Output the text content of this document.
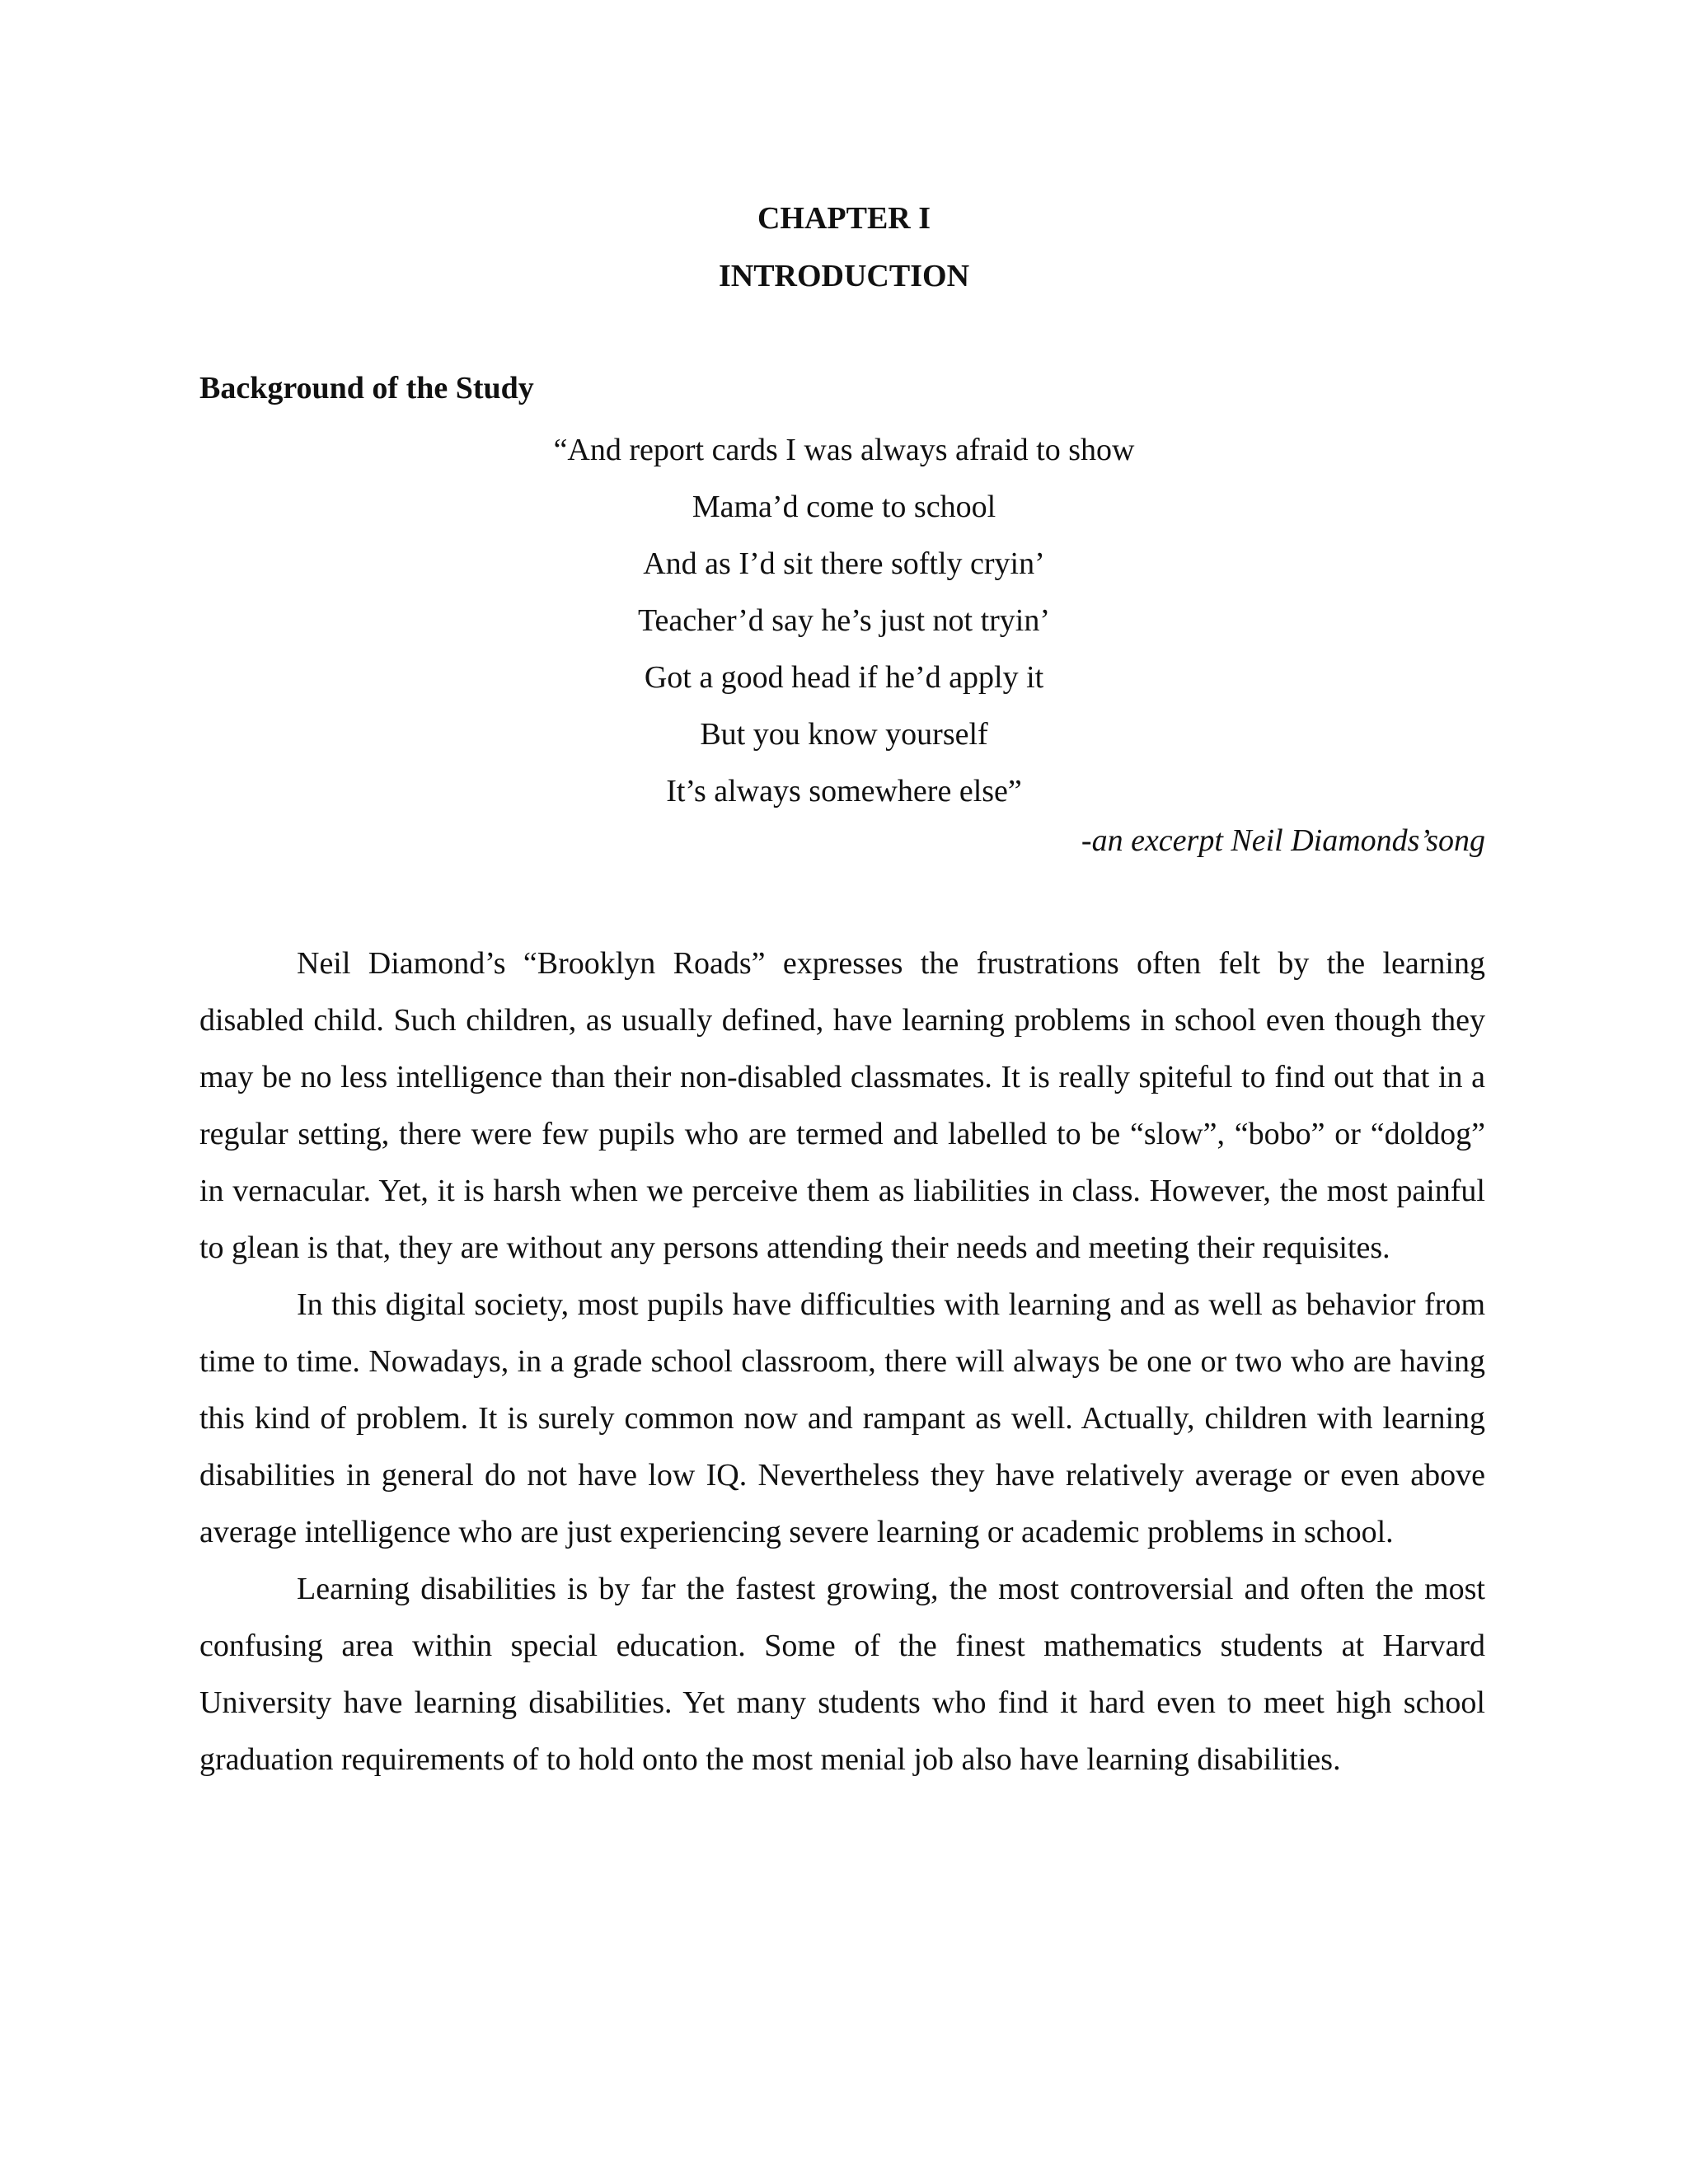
CHAPTER I
INTRODUCTION
Background of the Study
“And report cards I was always afraid to show
Mama’d come to school
And as I’d sit there softly cryin’
Teacher’d say he’s just not tryin’
Got a good head if he’d apply it
But you know yourself
It’s always somewhere else”
-an excerpt Neil Diamonds’song

Neil Diamond’s “Brooklyn Roads” expresses the frustrations often felt by the learning disabled child. Such children, as usually defined, have learning problems in school even though they may be no less intelligence than their non-disabled classmates. It is really spiteful to find out that in a regular setting, there were few pupils who are termed and labelled to be “slow”, “bobo” or “doldog” in vernacular. Yet, it is harsh when we perceive them as liabilities in class. However, the most painful to glean is that, they are without any persons attending their needs and meeting their requisites.

In this digital society, most pupils have difficulties with learning and as well as behavior from time to time. Nowadays, in a grade school classroom, there will always be one or two who are having this kind of problem. It is surely common now and rampant as well. Actually, children with learning disabilities in general do not have low IQ. Nevertheless they have relatively average or even above average intelligence who are just experiencing severe learning or academic problems in school.

Learning disabilities is by far the fastest growing, the most controversial and often the most confusing area within special education. Some of the finest mathematics students at Harvard University have learning disabilities. Yet many students who find it hard even to meet high school graduation requirements of to hold onto the most menial job also have learning disabilities.
